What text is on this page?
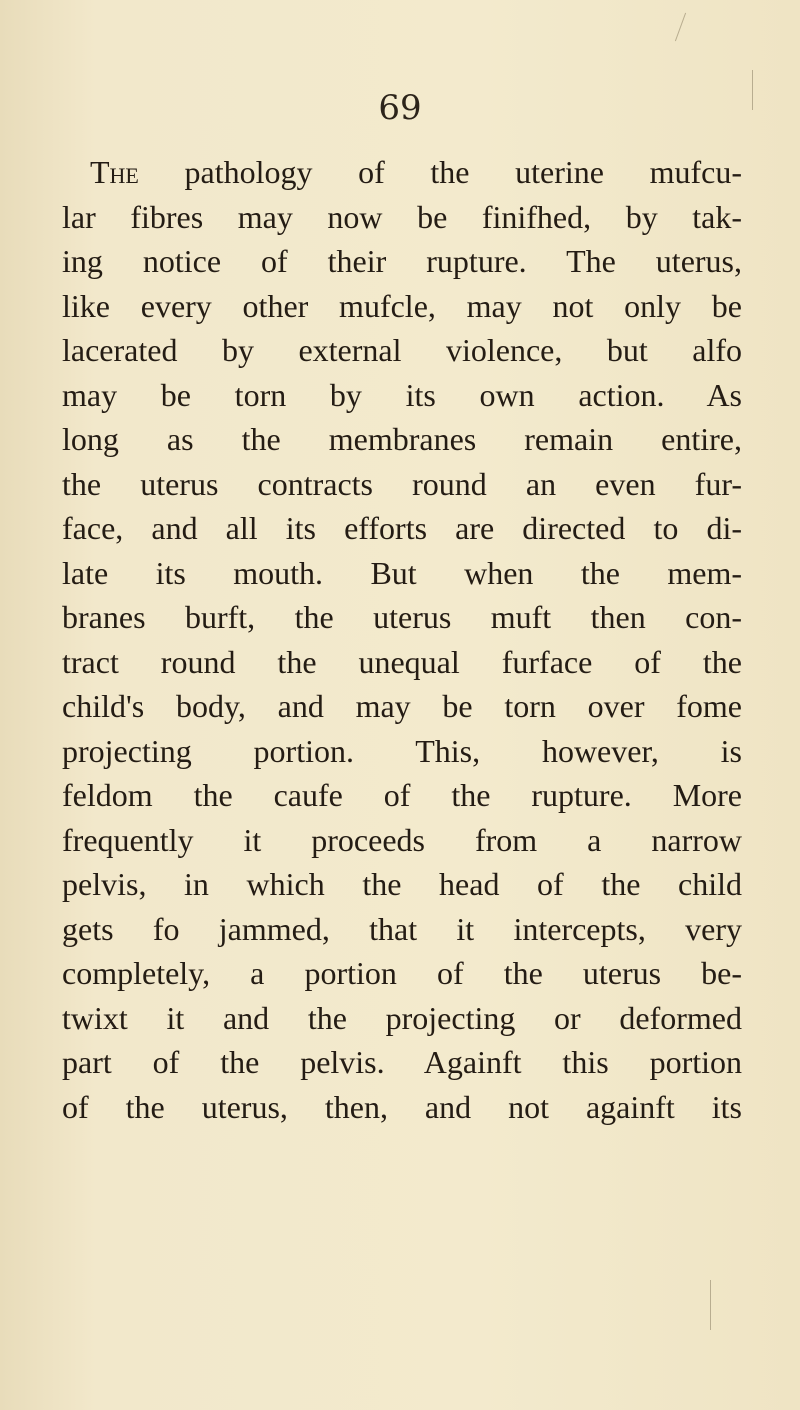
69
The pathology of the uterine mufcu-
lar fibres may now be finifhed, by tak-
ing notice of their rupture. The uterus,
like every other mufcle, may not only be
lacerated by external violence, but alfo
may be torn by its own action. As
long as the membranes remain entire,
the uterus contracts round an even fur-
face, and all its efforts are directed to di-
late its mouth. But when the mem-
branes burft, the uterus muft then con-
tract round the unequal furface of the
child's body, and may be torn over fome
projecting portion. This, however, is
feldom the caufe of the rupture. More
frequently it proceeds from a narrow
pelvis, in which the head of the child
gets fo jammed, that it intercepts, very
completely, a portion of the uterus be-
twixt it and the projecting or deformed
part of the pelvis. Againft this portion
of the uterus, then, and not againft its
